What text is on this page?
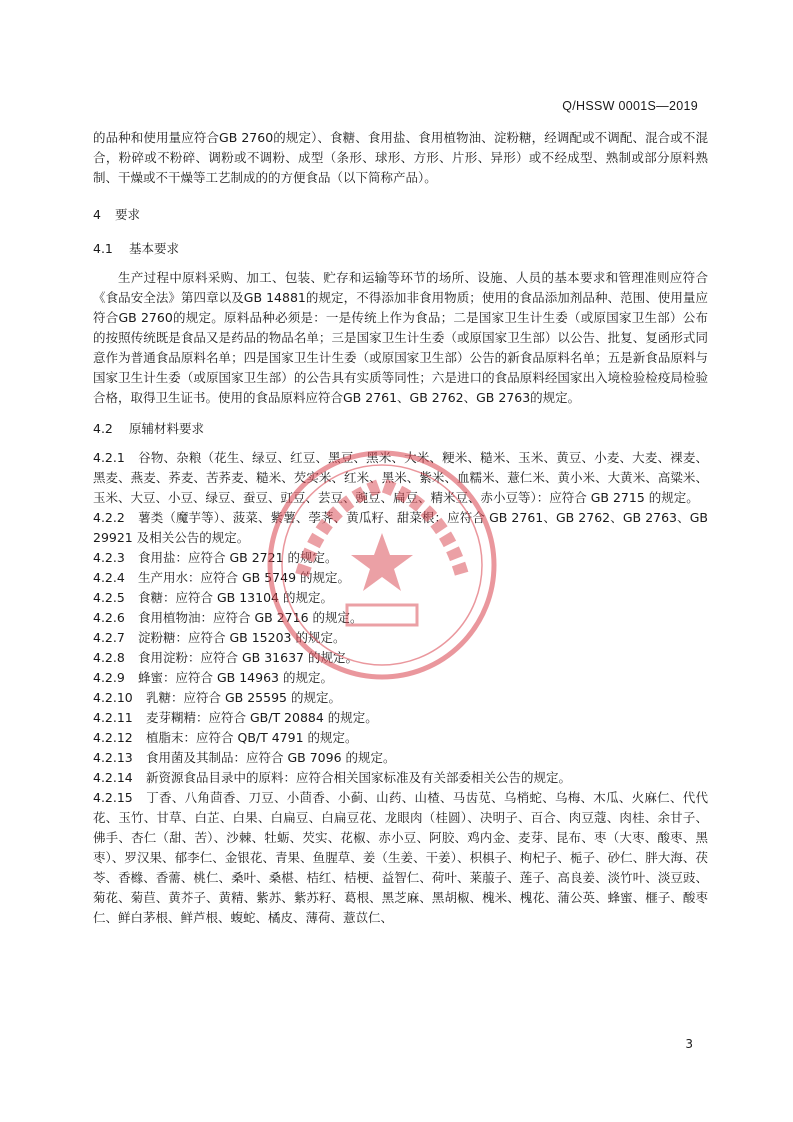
Q/HSSW 0001S—2019

的品种和使用量应符合GB 2760的规定）、食糖、食用盐、食用植物油、淀粉糖，经调配或不调配、混合或不混合，粉碎或不粉碎、调粉或不调粉、成型（条形、球形、方形、片形、异形）或不经成型、熟制或部分原料熟制、干燥或不干燥等工艺制成的的方便食品（以下简称产品）。

4 要求
4.1 基本要求

生产过程中原料采购、加工、包装、贮存和运输等环节的场所、设施、人员的基本要求和管理准则应符合《食品安全法》第四章以及GB 14881的规定，不得添加非食用物质；使用的食品添加剂品种、范围、使用量应符合GB 2760的规定。原料品种必须是：一是传统上作为食品；二是国家卫生计生委（或原国家卫生部）公布的按照传统既是食品又是药品的物品名单；三是国家卫生计生委（或原国家卫生部）以公告、批复、复函形式同意作为普通食品原料名单；四是国家卫生计生委（或原国家卫生部）公告的新食品原料名单；五是新食品原料与国家卫生计生委（或原国家卫生部）的公告具有实质等同性；六是进口的食品原料经国家出入境检验检疫局检验合格，取得卫生证书。使用的食品原料应符合GB 2761、GB 2762、GB 2763的规定。

4.2 原辅材料要求

4.2.1 谷物、杂粮（花生、绿豆、红豆、黑豆、黑米、大米、粳米、糙米、玉米、黄豆、小麦、大麦、裸麦、黑麦、燕麦、荞麦、苦荞麦、糙米、芡实米、红米、黑米、紫米、血糯米、薏仁米、黄小米、大黄米、高粱米、玉米、大豆、小豆、绿豆、蚕豆、豇豆、芸豆、豌豆、扁豆、精米豆、赤小豆等）：应符合 GB 2715 的规定。

4.2.2 薯类（魔芋等）、菠菜、紫薯、荸荠、黄瓜籽、甜菜根：应符合 GB 2761、GB 2762、GB 2763、GB 29921 及相关公告的规定。

4.2.3 食用盐：应符合 GB 2721 的规定。

4.2.4 生产用水：应符合 GB 5749 的规定。

4.2.5 食糖：应符合 GB 13104 的规定。

4.2.6 食用植物油：应符合 GB 2716 的规定。

4.2.7 淀粉糖：应符合 GB 15203 的规定。

4.2.8 食用淀粉：应符合 GB 31637 的规定。

4.2.9 蜂蜜：应符合 GB 14963 的规定。

4.2.10 乳糖：应符合 GB 25595 的规定。

4.2.11 麦芽糊精：应符合 GB/T 20884 的规定。

4.2.12 植脂末：应符合 QB/T 4791 的规定。

4.2.13 食用菌及其制品：应符合 GB 7096 的规定。

4.2.14 新资源食品目录中的原料：应符合相关国家标准及有关部委相关公告的规定。

4.2.15 丁香、八角茴香、刀豆、小茴香、小蓟、山药、山楂、马齿苋、乌梢蛇、乌梅、木瓜、火麻仁、代代花、玉竹、甘草、白芷、白果、白扁豆、白扁豆花、龙眼肉（桂圆）、决明子、百合、肉豆蔻、肉桂、余甘子、佛手、杏仁（甜、苦）、沙棘、牡蛎、芡实、花椒、赤小豆、阿胶、鸡内金、麦芽、昆布、枣（大枣、酸枣、黑枣）、罗汉果、郁李仁、金银花、青果、鱼腥草、姜（生姜、干姜）、枳椇子、枸杞子、栀子、砂仁、胖大海、茯苓、香橼、香薷、桃仁、桑叶、桑椹、桔红、桔梗、益智仁、荷叶、莱菔子、莲子、高良姜、淡竹叶、淡豆豉、菊花、菊苣、黄芥子、黄精、紫苏、紫苏籽、葛根、黑芝麻、黑胡椒、槐米、槐花、蒲公英、蜂蜜、榧子、酸枣仁、鲜白茅根、鲜芦根、蝮蛇、橘皮、薄荷、薏苡仁、

3
